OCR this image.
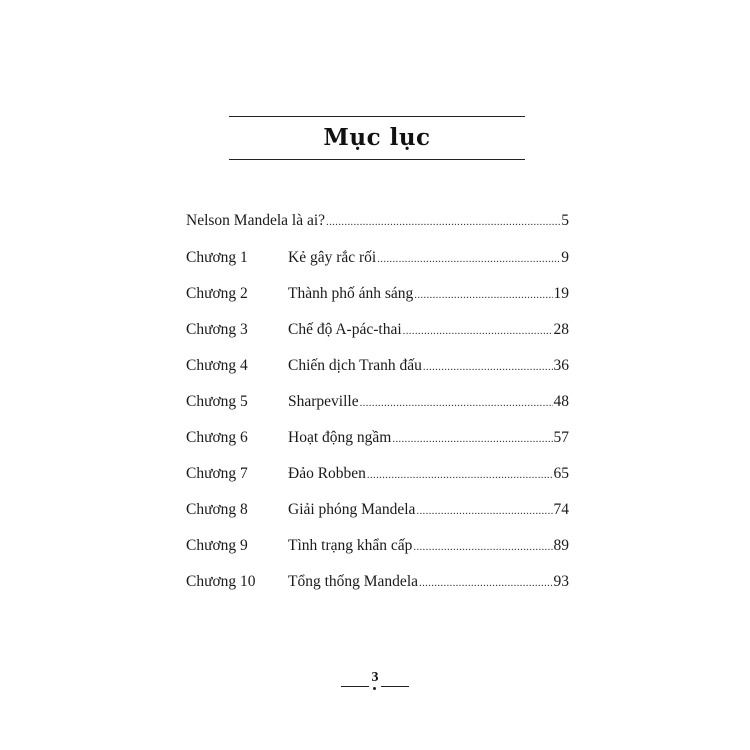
Mục lục
Nelson Mandela là ai? .....	5
Chương 1	Kẻ gây rắc rối .....	9
Chương 2	Thành phố ánh sáng .....	19
Chương 3	Chế độ A-pác-thai .....	28
Chương 4	Chiến dịch Tranh đấu .....	36
Chương 5	Sharpeville .....	48
Chương 6	Hoạt động ngầm .....	57
Chương 7	Đảo Robben .....	65
Chương 8	Giải phóng Mandela .....	74
Chương 9	Tình trạng khẩn cấp .....	89
Chương 10	Tổng thống Mandela .....	93
3
